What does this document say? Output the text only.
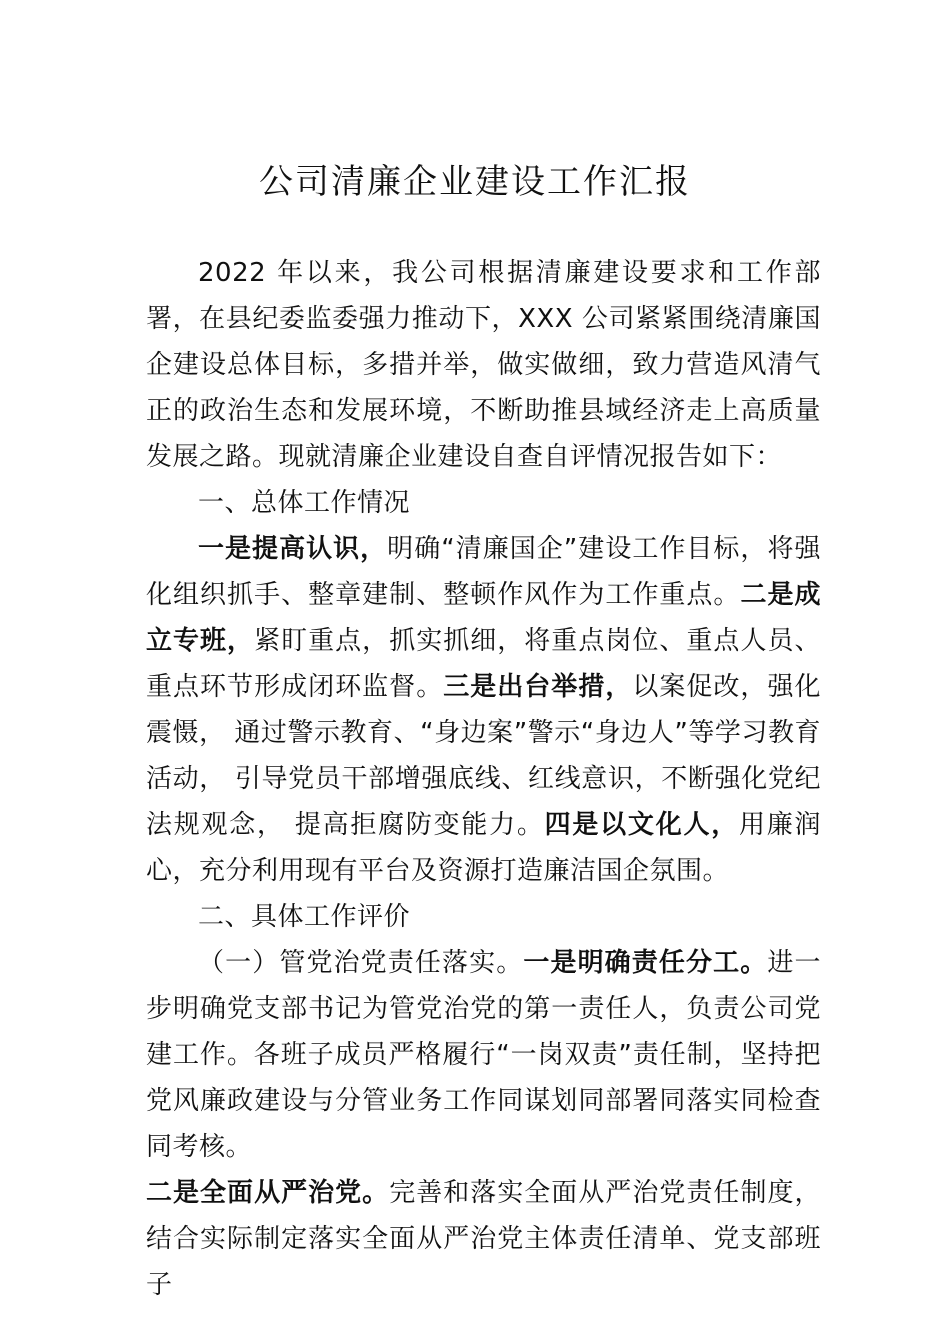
公司清廉企业建设工作汇报

2022 年以来，我公司根据清廉建设要求和工作部署，在县纪委监委强力推动下，XXX 公司紧紧围绕清廉国企建设总体目标，多措并举，做实做细，致力营造风清气正的政治生态和发展环境，不断助推县域经济走上高质量发展之路。现就清廉企业建设自查自评情况报告如下：

一、总体工作情况

一是提高认识，明确“清廉国企”建设工作目标，将强化组织抓手、整章建制、整顿作风作为工作重点。二是成立专班，紧盯重点，抓实抓细，将重点岗位、重点人员、重点环节形成闭环监督。三是出台举措，以案促改，强化震慑， 通过警示教育、“身边案”警示“身边人”等学习教育活动， 引导党员干部增强底线、红线意识，不断强化党纪法规观念， 提高拒腐防变能力。四是以文化人，用廉润心，充分利用现有平台及资源打造廉洁国企氛围。

二、具体工作评价

（一）管党治党责任落实。一是明确责任分工。进一步明确党支部书记为管党治党的第一责任人，负责公司党建工作。各班子成员严格履行“一岗双责”责任制，坚持把党风廉政建设与分管业务工作同谋划同部署同落实同检查同考核。

二是全面从严治党。完善和落实全面从严治党责任制度， 结合实际制定落实全面从严治党主体责任清单、党支部班子
